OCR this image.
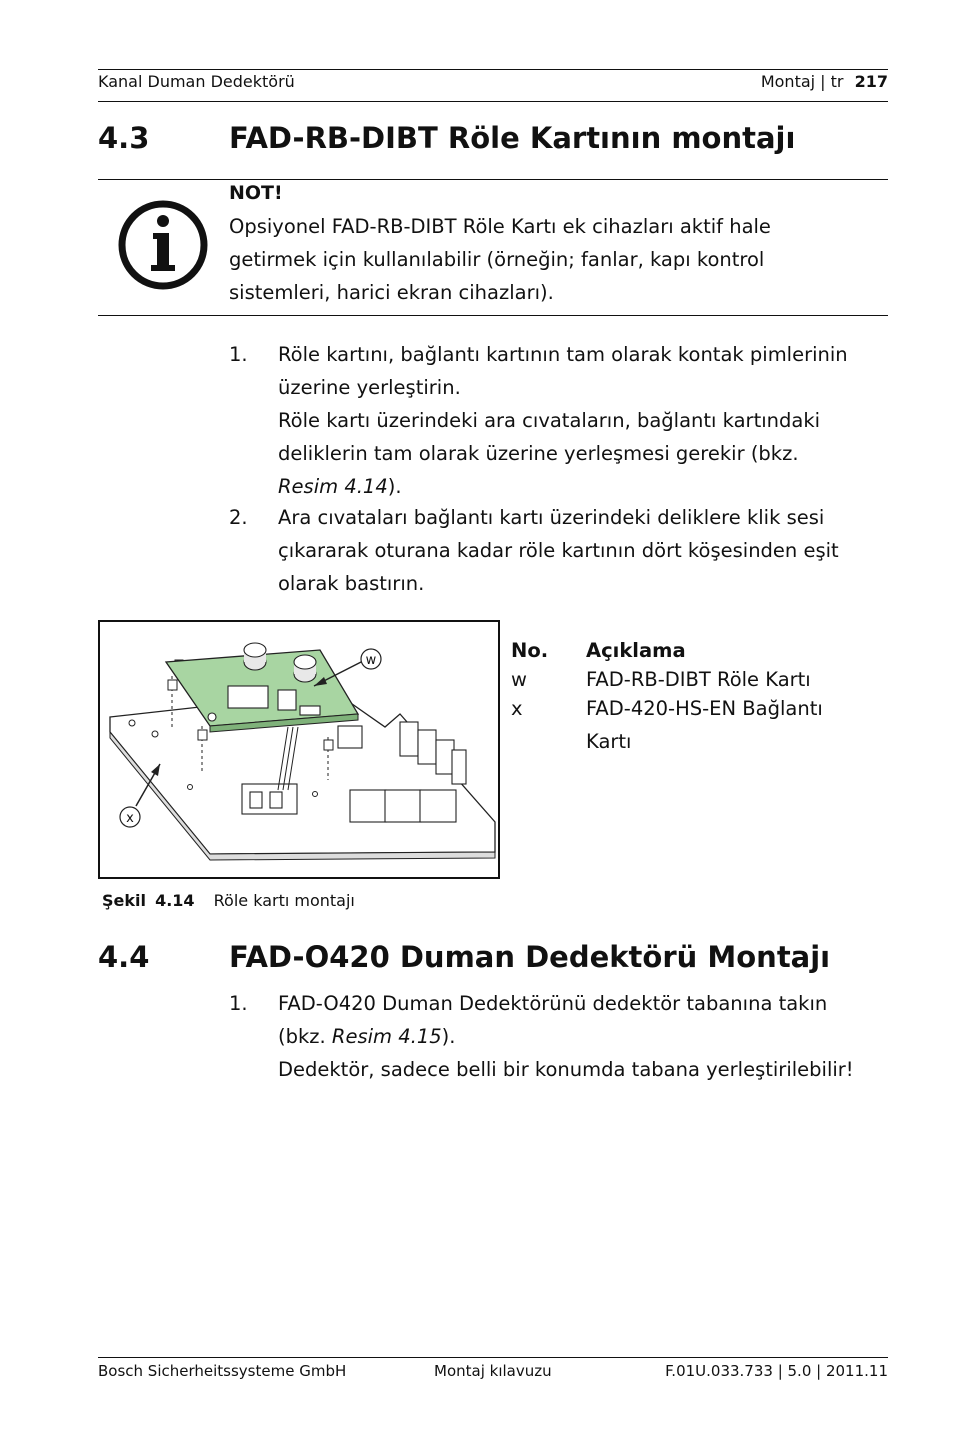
Kanal Duman Dedektörü	Montaj | tr 217
4.3	FAD-RB-DIBT Röle Kartının montajı
NOT!
Opsiyonel FAD-RB-DIBT Röle Kartı ek cihazları aktif hale
getirmek için kullanılabilir (örneğin; fanlar, kapı kontrol
sistemleri, harici ekran cihazları).
1. Röle kartını, bağlantı kartının tam olarak kontak pimlerinin
üzerine yerleştirin.
Röle kartı üzerindeki ara cıvataların, bağlantı kartındaki
deliklerin tam olarak üzerine yerleşmesi gerekir (bkz.
Resim 4.14).
2. Ara cıvataları bağlantı kartı üzerindeki deliklere klik sesi
çıkararak oturana kadar röle kartının dört köşesinden eşit
olarak bastırın.
w
x
No.	Açıklama
w	FAD-RB-DIBT Röle Kartı
x	FAD-420-HS-EN Bağlantı
Kartı
Şekil 4.14 Röle kartı montajı
4.4	FAD-O420 Duman Dedektörü Montajı
1. FAD-O420 Duman Dedektörünü dedektör tabanına takın
(bkz. Resim 4.15).
Dedektör, sadece belli bir konumda tabana yerleştirilebilir!
Bosch Sicherheitssysteme GmbH	Montaj kılavuzu	F.01U.033.733 | 5.0 | 2011.11
